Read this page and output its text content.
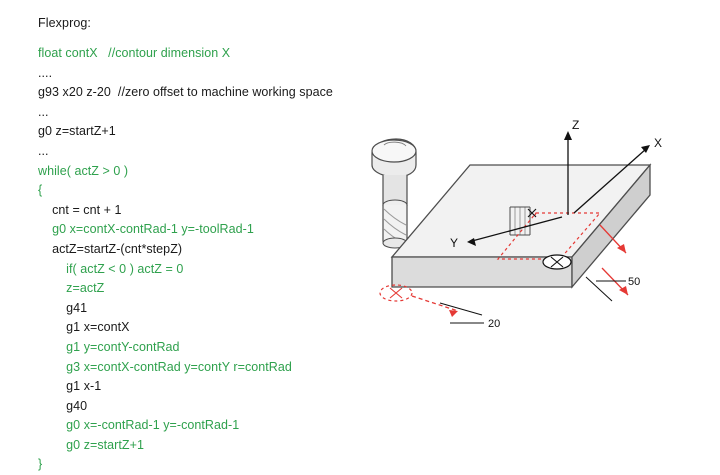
Flexprog:
float contX   //contour dimension X
....
g93 x20 z-20  //zero offset to machine working space
...
g0 z=startZ+1
...
while( actZ > 0 )
{
cnt = cnt + 1
g0 x=contX-contRad-1 y=-toolRad-1
actZ=startZ-(cnt*stepZ)
if( actZ < 0 ) actZ = 0
z=actZ
g41
g1 x=contX
g1 y=contY-contRad
g3 x=contX-contRad y=contY r=contRad
g1 x-1
g40
g0 x=-contRad-1 y=-contRad-1
g0 z=startZ+1
}
Z
X
Y
50
20
